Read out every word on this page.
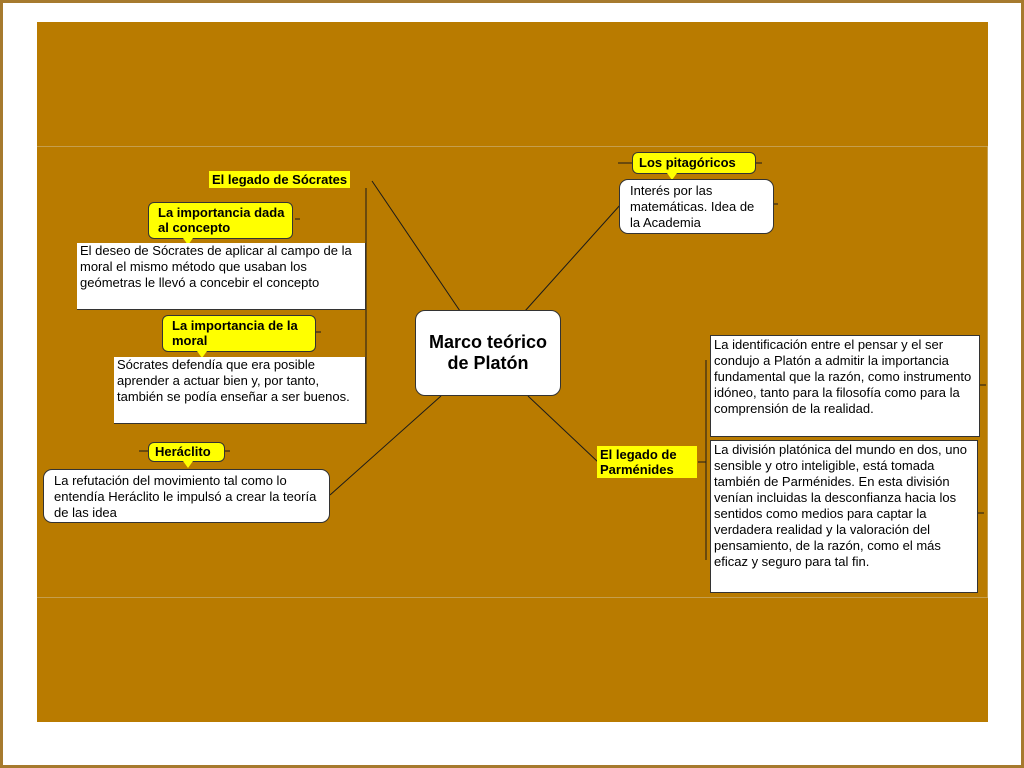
Marco teórico de Platón
El legado de Sócrates
La importancia dada al concepto
El deseo de Sócrates de aplicar al campo de la moral el mismo método que usaban los geómetras le llevó a concebir el concepto
La importancia de la moral
Sócrates defendía que era posible aprender a actuar bien y, por tanto, también se podía enseñar a ser buenos.
Heráclito
La refutación del movimiento tal como lo entendía Heráclito le impulsó a crear la teoría de las idea
Los pitagóricos
Interés por las matemáticas. Idea de la Academia
El legado de Parménides
La identificación entre el pensar y el ser condujo a Platón a admitir la importancia fundamental que la razón, como instrumento idóneo, tanto para la filosofía como para la comprensión de la realidad.
La división platónica del mundo en dos, uno sensible y otro inteligible, está tomada también de Parménides. En esta división venían incluidas la desconfianza hacia los sentidos como medios para captar la verdadera realidad y la valoración del pensamiento, de la razón, como el más eficaz y seguro para tal fin.
